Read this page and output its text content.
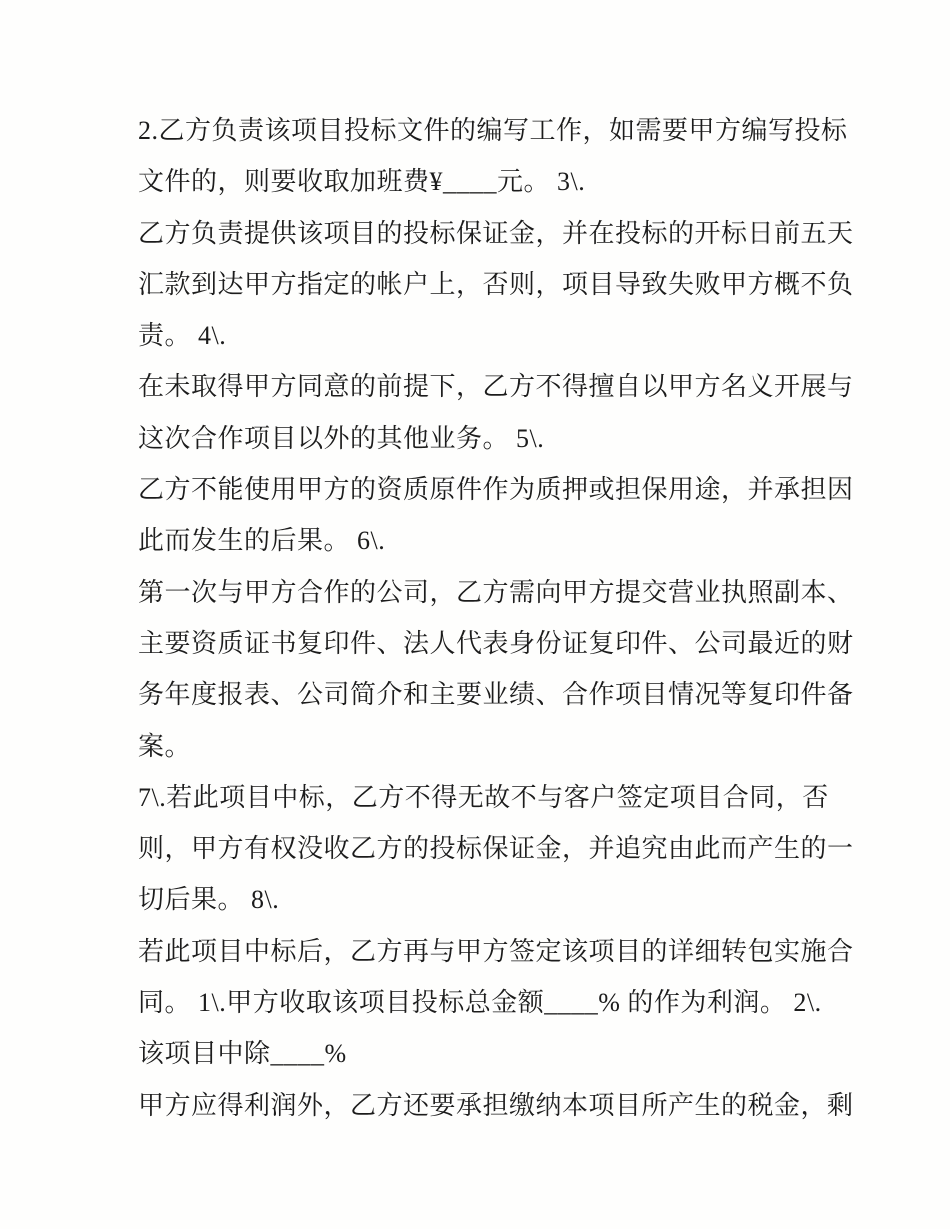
2.乙方负责该项目投标文件的编写工作，如需要甲方编写投标
文件的，则要收取加班费¥____元。 3\.
乙方负责提供该项目的投标保证金，并在投标的开标日前五天
汇款到达甲方指定的帐户上，否则，项目导致失败甲方概不负
责。 4\.
在未取得甲方同意的前提下，乙方不得擅自以甲方名义开展与
这次合作项目以外的其他业务。 5\.
乙方不能使用甲方的资质原件作为质押或担保用途，并承担因
此而发生的后果。 6\.
第一次与甲方合作的公司，乙方需向甲方提交营业执照副本、
主要资质证书复印件、法人代表身份证复印件、公司最近的财
务年度报表、公司简介和主要业绩、合作项目情况等复印件备
案。
7\.若此项目中标，乙方不得无故不与客户签定项目合同，否
则，甲方有权没收乙方的投标保证金，并追究由此而产生的一
切后果。 8\.
若此项目中标后，乙方再与甲方签定该项目的详细转包实施合
同。 1\.甲方收取该项目投标总金额____% 的作为利润。 2\.
该项目中除____%
甲方应得利润外，乙方还要承担缴纳本项目所产生的税金，剩
